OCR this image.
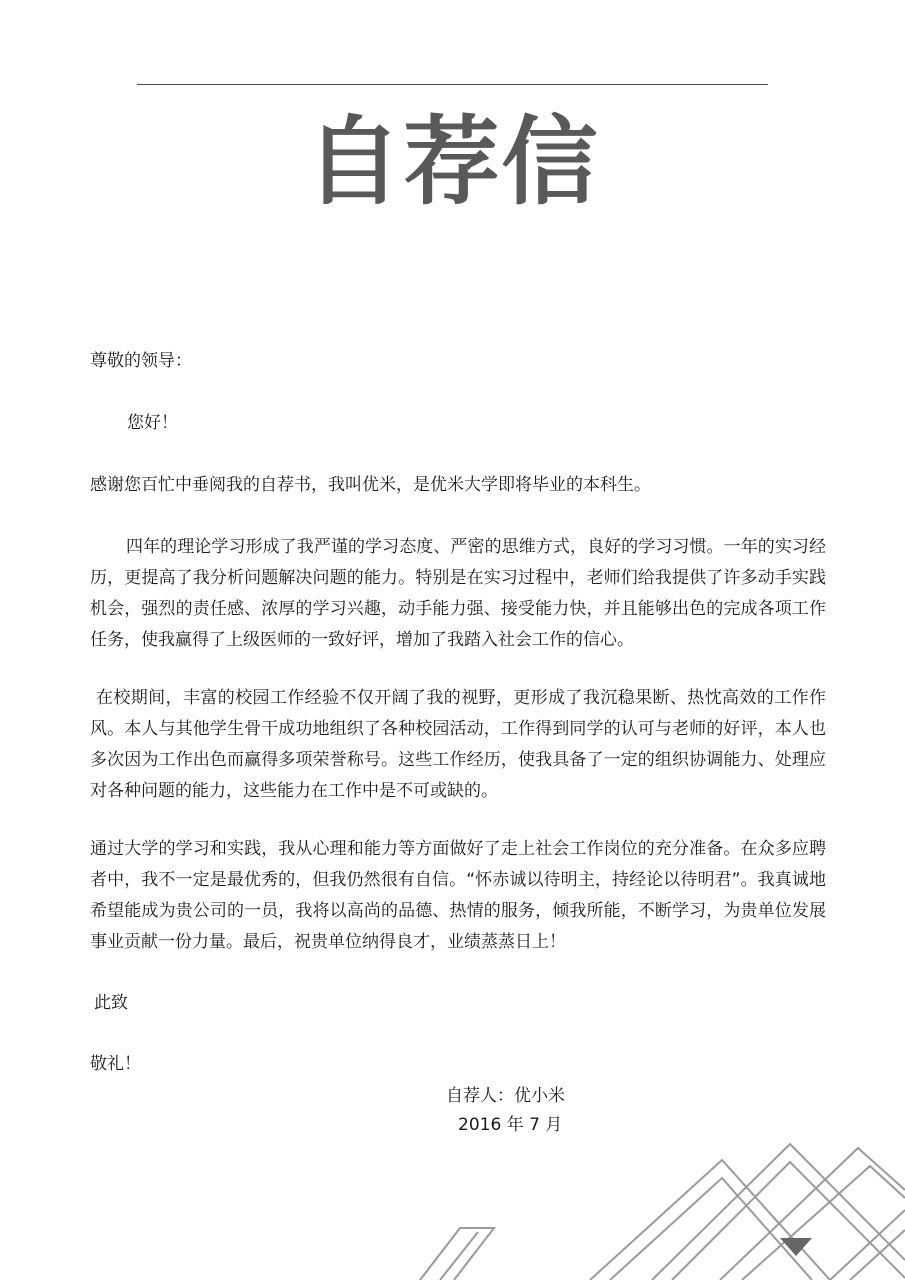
自荐信
尊敬的领导：
您好！
感谢您百忙中垂阅我的自荐书，我叫优米，是优米大学即将毕业的本科生。
四年的理论学习形成了我严谨的学习态度、严密的思维方式，良好的学习习惯。一年的实习经历，更提高了我分析问题解决问题的能力。特别是在实习过程中，老师们给我提供了许多动手实践机会，强烈的责任感、浓厚的学习兴趣，动手能力强、接受能力快，并且能够出色的完成各项工作任务，使我赢得了上级医师的一致好评，增加了我踏入社会工作的信心。
在校期间，丰富的校园工作经验不仅开阔了我的视野，更形成了我沉稳果断、热忱高效的工作作风。本人与其他学生骨干成功地组织了各种校园活动，工作得到同学的认可与老师的好评，本人也多次因为工作出色而赢得多项荣誉称号。这些工作经历，使我具备了一定的组织协调能力、处理应对各种问题的能力，这些能力在工作中是不可或缺的。
通过大学的学习和实践，我从心理和能力等方面做好了走上社会工作岗位的充分准备。在众多应聘者中，我不一定是最优秀的，但我仍然很有自信。“怀赤诚以待明主，持经论以待明君”。我真诚地希望能成为贵公司的一员，我将以高尚的品德、热情的服务，倾我所能，不断学习，为贵单位发展事业贡献一份力量。最后，祝贵单位纳得良才，业绩蒸蒸日上！
此致
敬礼！
自荐人：优小米
2016 年 7 月
